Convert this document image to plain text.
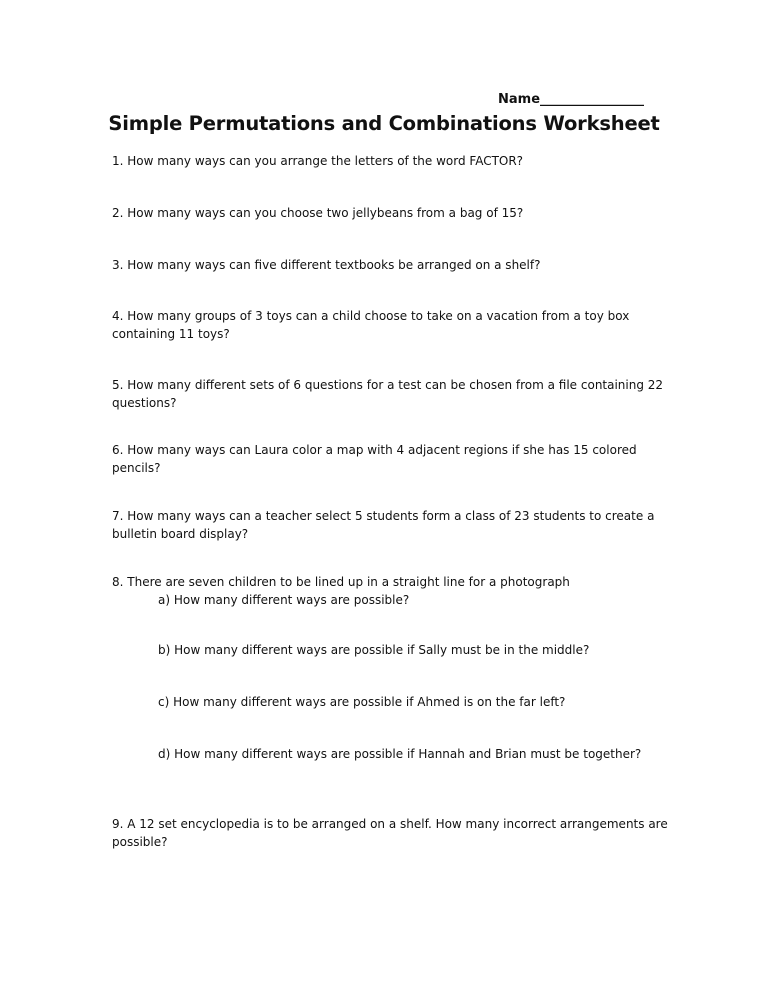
Name________________
Simple Permutations and Combinations Worksheet
1. How many ways can you arrange the letters of the word FACTOR?
2. How many ways can you choose two jellybeans from a bag of 15?
3. How many ways can five different textbooks be arranged on a shelf?
4. How many groups of 3 toys can a child choose to take on a vacation from a toy box
containing 11 toys?
5. How many different sets of 6 questions for a test can be chosen from a file containing 22
questions?
6. How many ways can Laura color a map with 4 adjacent regions if she has 15 colored
pencils?
7. How many ways can a teacher select 5 students form a class of 23 students to create a
bulletin board display?
8. There are seven children to be lined up in a straight line for a photograph
a) How many different ways are possible?
b) How many different ways are possible if Sally must be in the middle?
c) How many different ways are possible if Ahmed is on the far left?
d) How many different ways are possible if Hannah and Brian must be together?
9. A 12 set encyclopedia is to be arranged on a shelf. How many incorrect arrangements are
possible?
